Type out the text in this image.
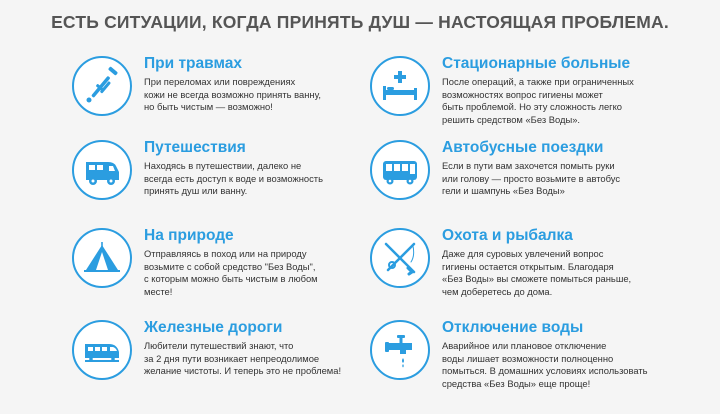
ЕСТЬ СИТУАЦИИ, КОГДА ПРИНЯТЬ ДУШ — НАСТОЯЩАЯ ПРОБЛЕМА.
При травмах
При переломах или повреждениях
кожи не всегда возможно принять ванну,
но быть чистым — возможно!
Стационарные больные
После операций, а также при ограниченных
возможностях вопрос гигиены может
быть проблемой. Но эту сложность легко
решить средством «Без Воды».
Путешествия
Находясь в путешествии, далеко не
всегда есть доступ к воде и возможность
принять душ или ванну.
Автобусные поездки
Если в пути вам захочется помыть руки
или голову — просто возьмите в автобус
гели и шампунь «Без Воды»
На природе
Отправляясь в поход или на природу
возьмите с собой средство "Без Воды",
с которым можно быть чистым в любом
месте!
Охота и рыбалка
Даже для суровых увлечений вопрос
гигиены остается открытым. Благодаря
«Без Воды» вы сможете помыться раньше,
чем доберетесь до дома.
Железные дороги
Любители путешествий знают, что
за 2 дня пути возникает непреодолимое
желание чистоты. И теперь это не проблема!
Отключение воды
Аварийное или плановое отключение
воды лишает возможности полноценно
помыться. В домашних условиях использовать
средства «Без Воды» еще проще!
